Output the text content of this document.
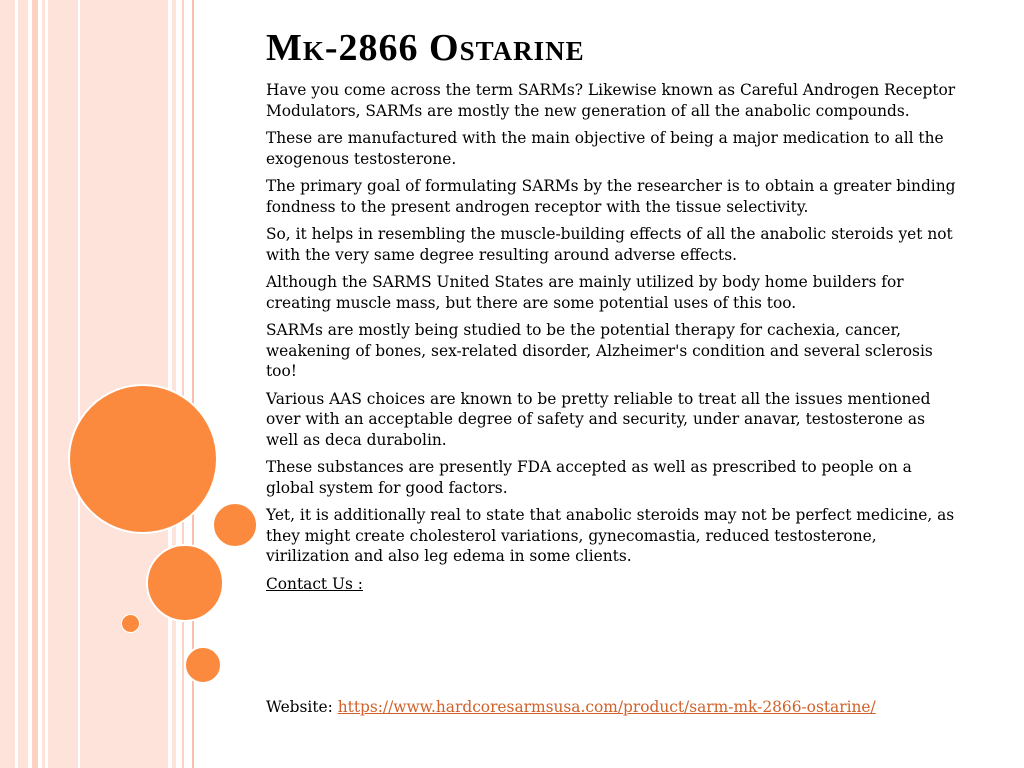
Mk-2866 Ostarine

Have you come across the term SARMs? Likewise known as Careful Androgen Receptor Modulators, SARMs are mostly the new generation of all the anabolic compounds.

These are manufactured with the main objective of being a major medication to all the exogenous testosterone.

The primary goal of formulating SARMs by the researcher is to obtain a greater binding fondness to the present androgen receptor with the tissue selectivity.

So, it helps in resembling the muscle-building effects of all the anabolic steroids yet not with the very same degree resulting around adverse effects.

Although the SARMS United States are mainly utilized by body home builders for creating muscle mass, but there are some potential uses of this too.

SARMs are mostly being studied to be the potential therapy for cachexia, cancer, weakening of bones, sex-related disorder, Alzheimer's condition and several sclerosis too!

Various AAS choices are known to be pretty reliable to treat all the issues mentioned over with an acceptable degree of safety and security, under anavar, testosterone as well as deca durabolin.

These substances are presently FDA accepted as well as prescribed to people on a global system for good factors.

Yet, it is additionally real to state that anabolic steroids may not be perfect medicine, as they might create cholesterol variations, gynecomastia, reduced testosterone, virilization and also leg edema in some clients.

Contact Us :

Website: https://www.hardcoresarmsusa.com/product/sarm-mk-2866-ostarine/
